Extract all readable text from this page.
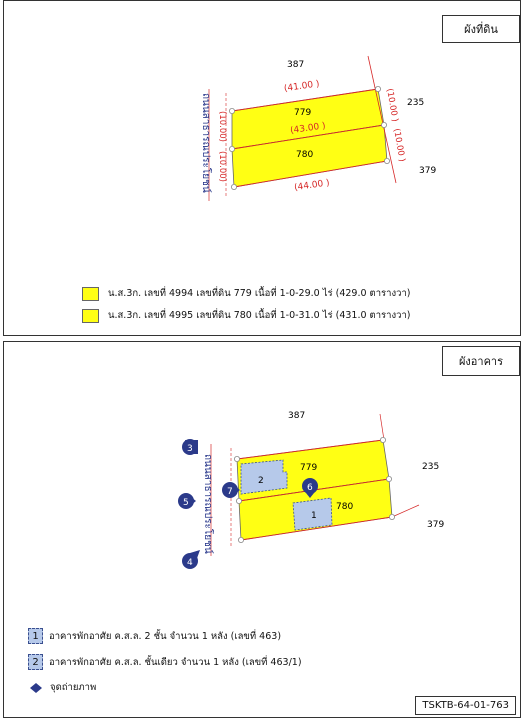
ผังที่ดิน
387
235
379
779
780
(41.00 )
(43.00 )
(44.00 )
(10.00 )
(10.00 )
(10.00)
(10.00)
ถนนสาธารณประโยชน์
น.ส.3ก. เลขที่ 4994 เลขที่ดิน 779 เนื้อที่ 1-0-29.0 ไร่ (429.0 ตารางวา)
น.ส.3ก. เลขที่ 4995 เลขที่ดิน 780 เนื้อที่ 1-0-31.0 ไร่ (431.0 ตารางวา)
ผังอาคาร
2
1
387
235
379
779
780
ถนนสาธารณประโยชน์
3
7	6
5
4
1	อาคารพักอาศัย ค.ส.ล. 2 ชั้น จำนวน 1 หลัง (เลขที่ 463)
2	อาคารพักอาศัย ค.ส.ล. ชั้นเดียว จำนวน 1 หลัง (เลขที่ 463/1)
จุดถ่ายภาพ
TSKTB-64-01-763
